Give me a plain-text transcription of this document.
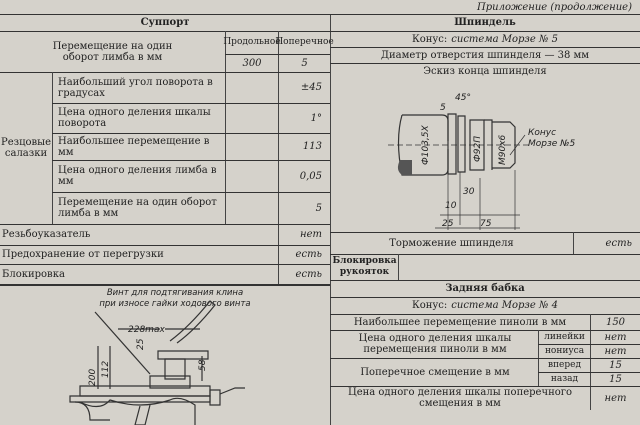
Приложение (продолжение)
Суппорт
Перемещение на один оборот лимба в мм
Продольное
Поперечное
300	5
Резцовые салазки
Наибольший угол поворота в градусах	±45
Цена одного деления шкалы поворота	1°
Наибольшее перемещение в мм	113
Цена одного деления лимба в мм	0,05
Перемещение на один оборот лимба в мм	5
Резьбоуказатель	нет
Предохранение от перегрузки	есть
Блокировка	есть
Винт для подтягивания клина
при износе гайки ходового винта
228max
25
58
200 112
Шпиндель
Конус: система Морзе № 5
Диаметр отверстия шпинделя — 38 мм
Эскиз конца шпинделя
45°
5
Ф103,5Х	Ф92П М90х6
Конус
Морзе №5
10
30
25	75
Торможение шпинделя	есть
Блокировка рукояток
Задняя бабка
Конус: система Морзе № 4
Наибольшее перемещение пиноли в мм	150
Цена одного деления шкалы перемещения пиноли в мм
линейки	нет
нониуса	нет
Поперечное смещение в мм
вперед	15
назад	15
Цена одного деления шкалы поперечного смещения в мм	нет
